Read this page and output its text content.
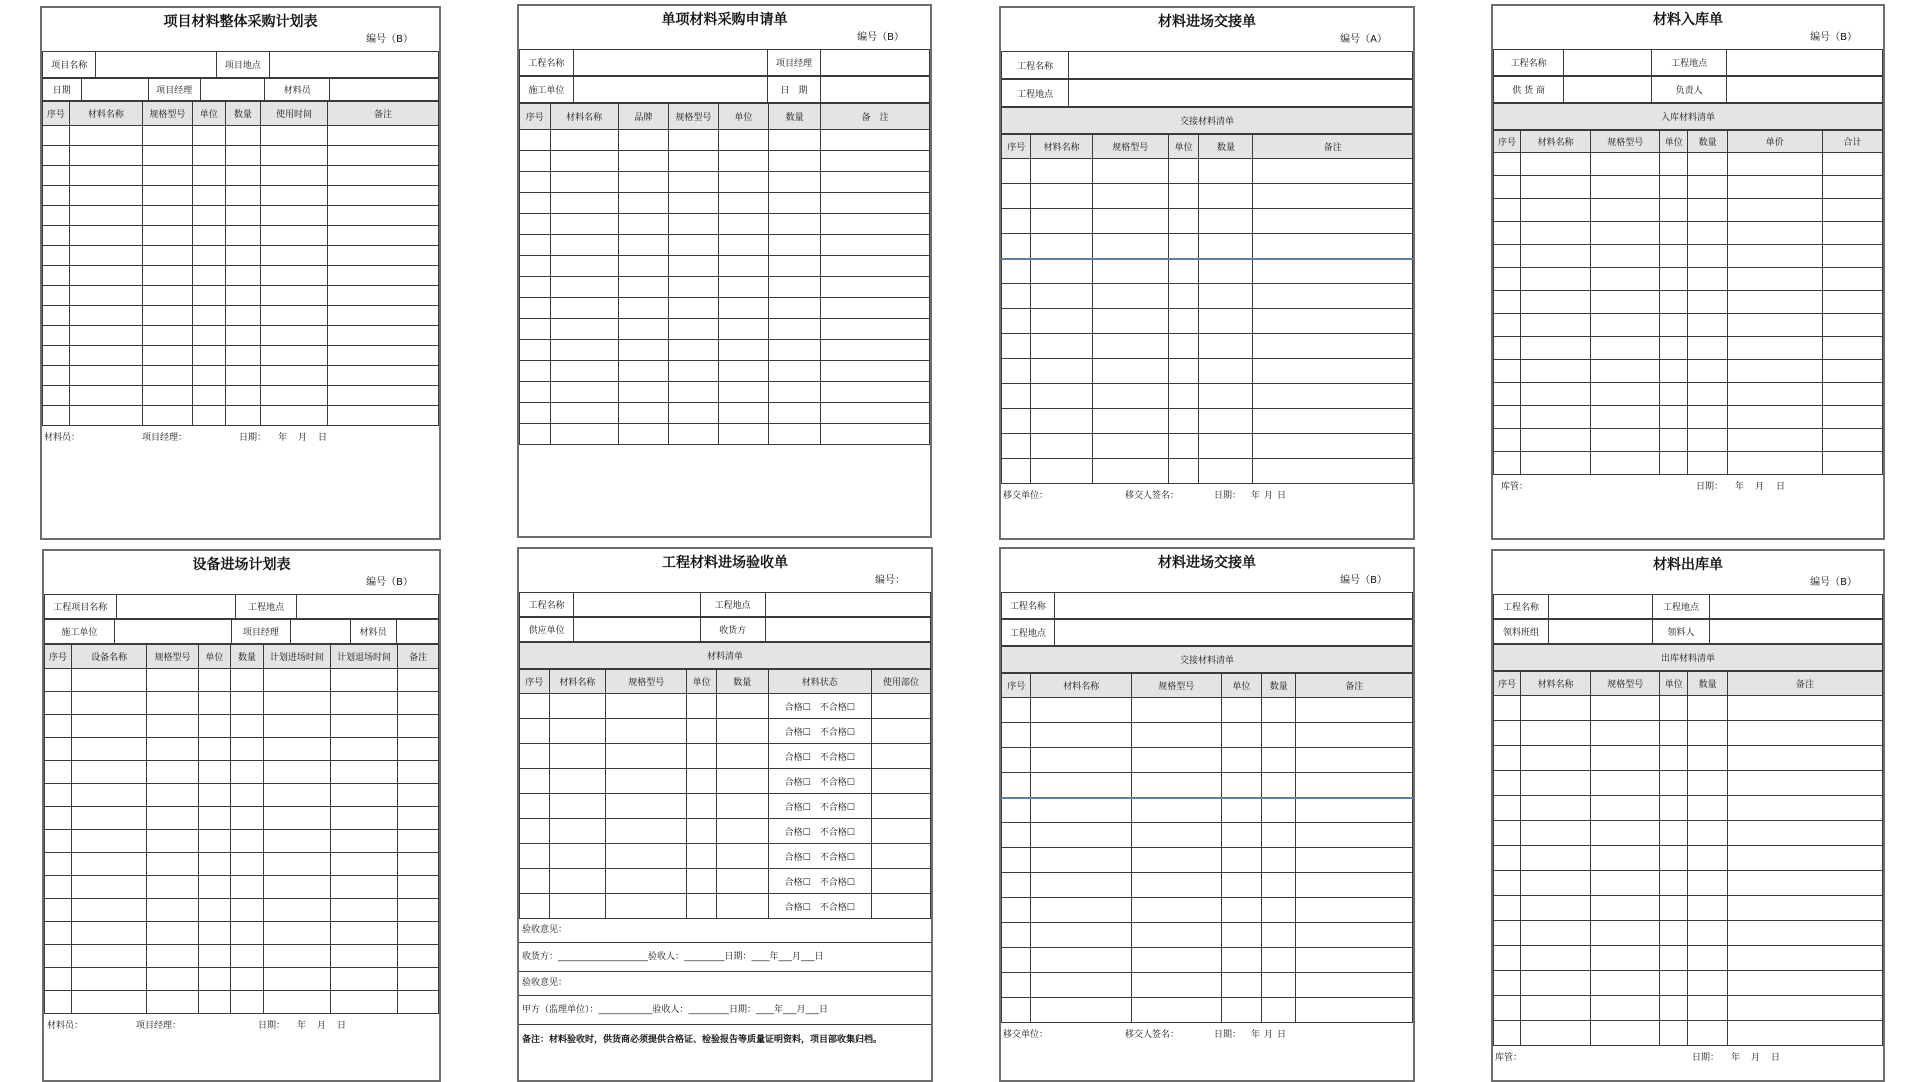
项目材料整体采购计划表
编号（B）
项目名称		项目地点	
日期		项目经理		材料员	
序号	材料名称	规格型号	单位	数量	使用时间	备注

材料员：	项目经理：	日期： 年 月 日
单项材料采购申请单
编号（B）
工程名称		项目经理	
施工单位		日　期	
序号	材料名称	品牌	规格型号	单位	数量	备　注

材料进场交接单
编号（A）
工程名称	
工程地点	
交接材料清单
序号	材料名称	规格型号	单位	数量	备注

移交单位：	移交人签名：	日期： 年 月 日
材料入库单
编号（B）
工程名称		工程地点	
供 货 商		负责人	
入库材料清单
序号	材料名称	规格型号	单位	数量	单价	合计

库管：	日期： 年 月 日
设备进场计划表
编号（B）
工程项目名称		工程地点	
施工单位		项目经理		材料员	
序号	设备名称	规格型号	单位	数量	计划进场时间	计划退场时间	备注

材料员：	项目经理：	日期： 年 月 日
工程材料进场验收单
编号：
工程名称		工程地点	
供应单位		收货方	
材料清单
序号	材料名称	规格型号	单位	数量	材料状态	使用部位
					合格☐　不合格☐	
					合格☐　不合格☐	
					合格☐　不合格☐	
					合格☐　不合格☐	
					合格☐　不合格☐	
					合格☐　不合格☐	
					合格☐　不合格☐	
					合格☐　不合格☐	
					合格☐　不合格☐	
验收意见：
收货方：____________________验收人：_________日期：____年___月___日
验收意见：
甲方（监理单位）：____________验收人：_________日期：____年___月___日
备注：材料验收时，供货商必须提供合格证、检验报告等质量证明资料，项目部收集归档。
材料进场交接单
编号（B）
工程名称	
工程地点	
交接材料清单
序号	材料名称	规格型号	单位	数量	备注

移交单位：	移交人签名：	日期： 年 月 日
材料出库单
编号（B）
工程名称		工程地点	
领料班组		领料人	
出库材料清单
序号	材料名称	规格型号	单位	数量	备注

库管：	日期： 年 月 日
